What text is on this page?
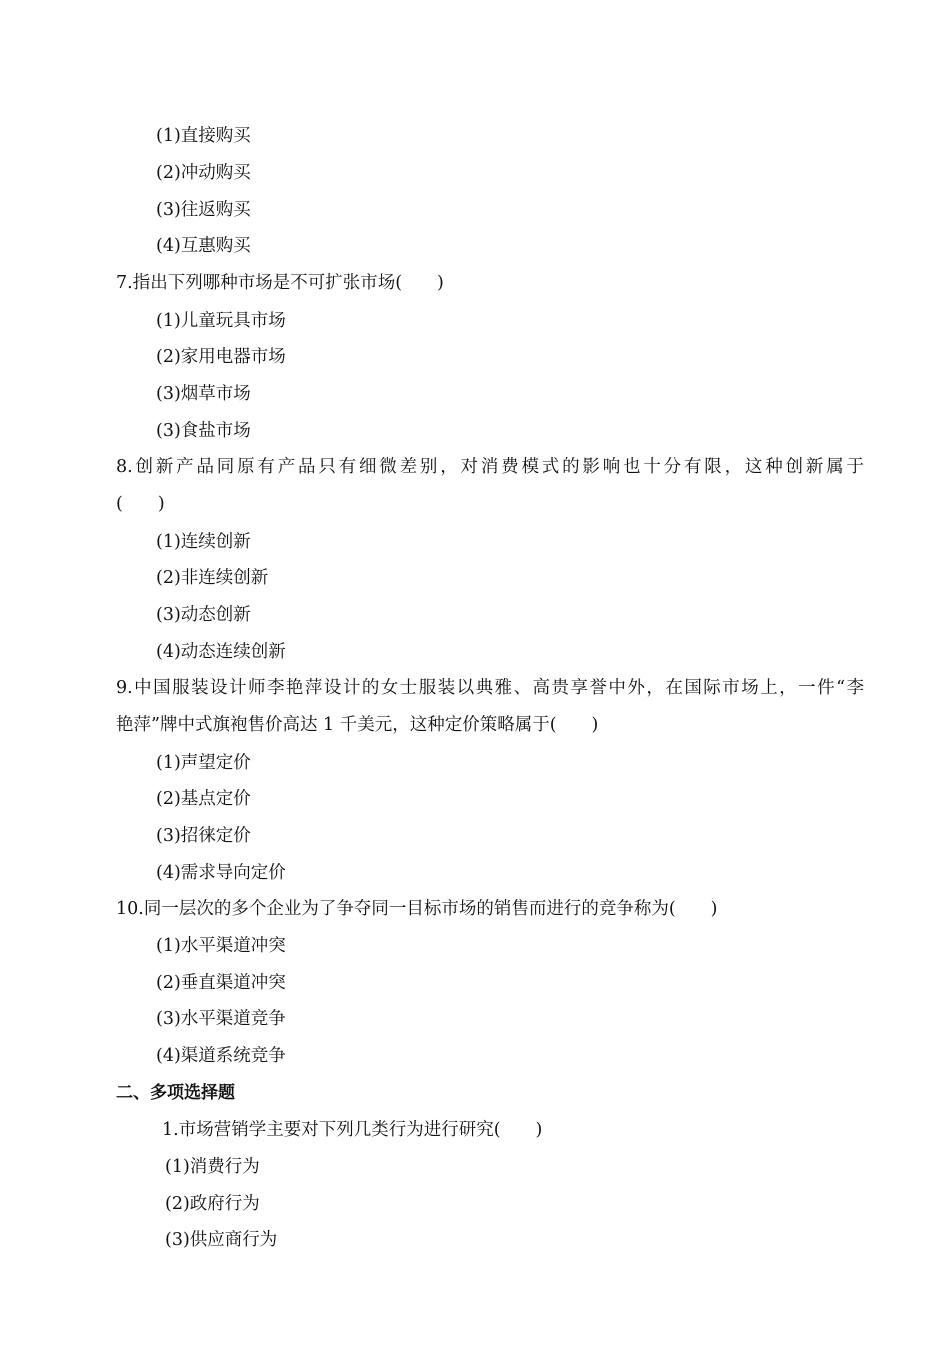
(1)直接购买
(2)冲动购买
(3)往返购买
(4)互惠购买
7.指出下列哪种市场是不可扩张市场(　　)
(1)儿童玩具市场
(2)家用电器市场
(3)烟草市场
(3)食盐市场
8.创新产品同原有产品只有细微差别，对消费模式的影响也十分有限，这种创新属于
(　　)
(1)连续创新
(2)非连续创新
(3)动态创新
(4)动态连续创新
9.中国服装设计师李艳萍设计的女士服装以典雅、高贵享誉中外，在国际市场上，一件“李
艳萍”牌中式旗袍售价高达 1 千美元，这种定价策略属于(　　)
(1)声望定价
(2)基点定价
(3)招徕定价
(4)需求导向定价
10.同一层次的多个企业为了争夺同一目标市场的销售而进行的竞争称为(　　)
(1)水平渠道冲突
(2)垂直渠道冲突
(3)水平渠道竞争
(4)渠道系统竞争
二、多项选择题
1.市场营销学主要对下列几类行为进行研究(　　)
(1)消费行为
(2)政府行为
(3)供应商行为
